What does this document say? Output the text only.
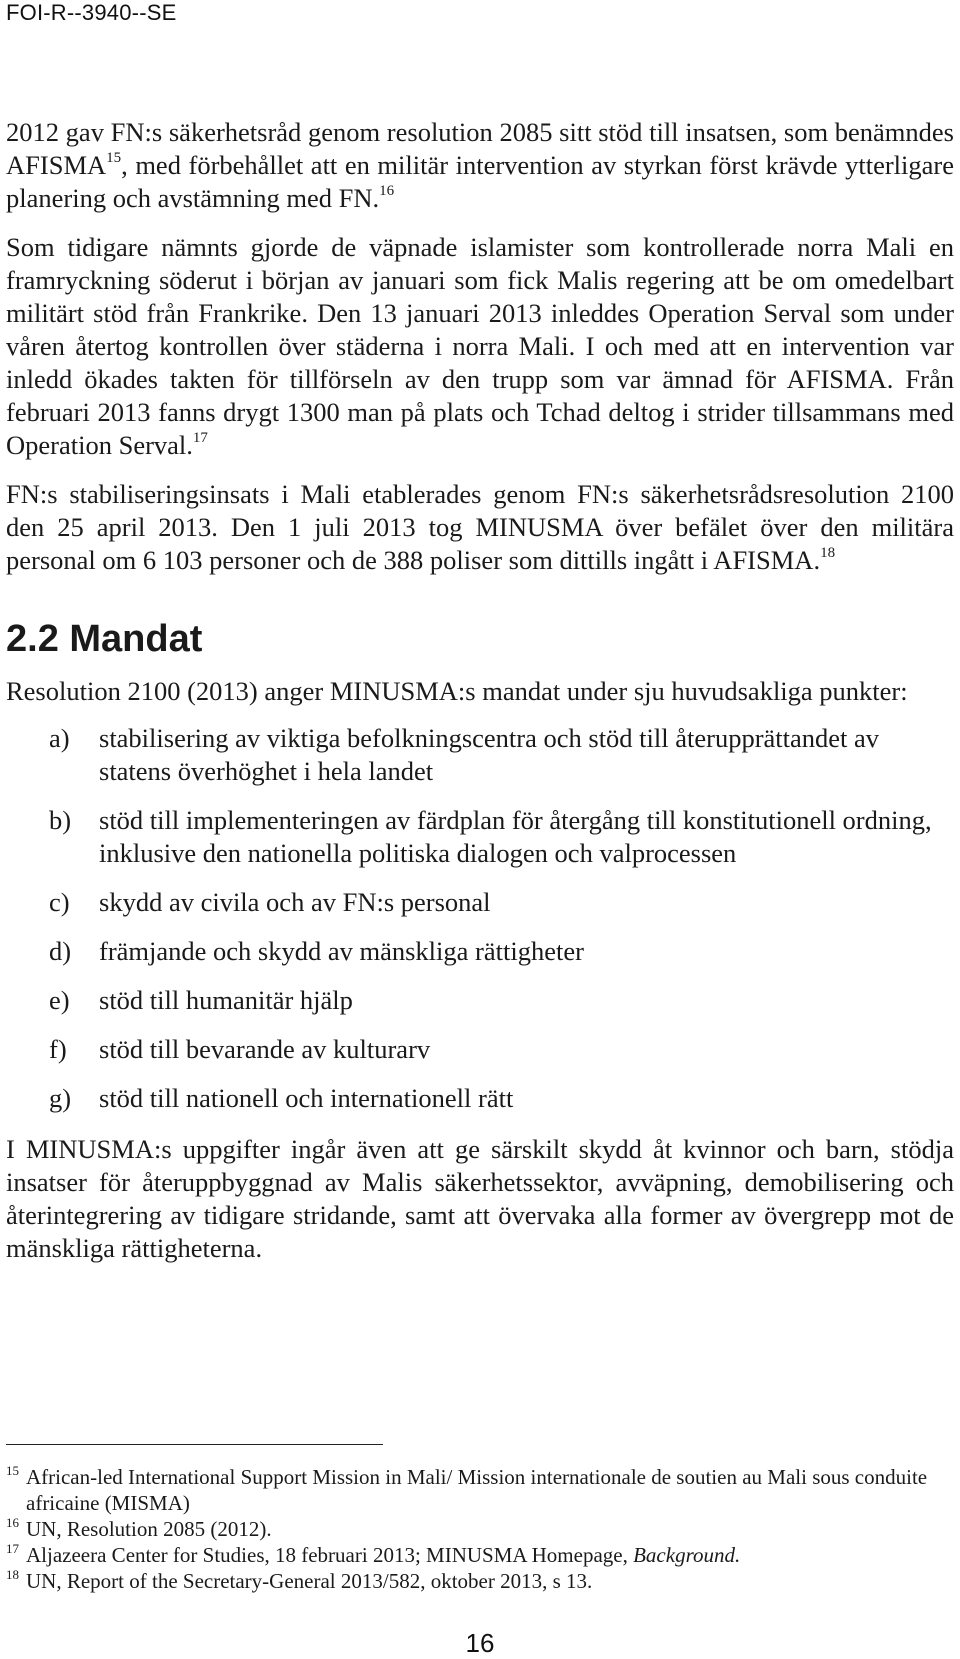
FOI-R--3940--SE

2012 gav FN:s säkerhetsråd genom resolution 2085 sitt stöd till insatsen, som benämndes AFISMA$^{15}$, med förbehållet att en militär intervention av styrkan först krävde ytterligare planering och avstämning med FN.$^{16}$

Som tidigare nämnts gjorde de väpnade islamister som kontrollerade norra Mali en framryckning söderut i början av januari som fick Malis regering att be om omedelbart militärt stöd från Frankrike. Den 13 januari 2013 inleddes Operation Serval som under våren återtog kontrollen över städerna i norra Mali. I och med att en intervention var inledd ökades takten för tillförseln av den trupp som var ämnad för AFISMA. Från februari 2013 fanns drygt 1300 man på plats och Tchad deltog i strider tillsammans med Operation Serval.$^{17}$

FN:s stabiliseringsinsats i Mali etablerades genom FN:s säkerhetsrådsresolution 2100 den 25 april 2013. Den 1 juli 2013 tog MINUSMA över befälet över den militära personal om 6 103 personer och de 388 poliser som dittills ingått i AFISMA.$^{18}$

2.2 Mandat

Resolution 2100 (2013) anger MINUSMA:s mandat under sju huvudsakliga punkter:

a)	stabilisering av viktiga befolkningscentra och stöd till återupprättandet av statens överhöghet i hela landet
b)	stöd till implementeringen av färdplan för återgång till konstitutionell ordning, inklusive den nationella politiska dialogen och valprocessen
c)	skydd av civila och av FN:s personal
d)	främjande och skydd av mänskliga rättigheter
e)	stöd till humanitär hjälp
f)	stöd till bevarande av kulturarv
g)	stöd till nationell och internationell rätt

I MINUSMA:s uppgifter ingår även att ge särskilt skydd åt kvinnor och barn, stödja insatser för återuppbyggnad av Malis säkerhetssektor, avväpning, demobilisering och återintegrering av tidigare stridande, samt att övervaka alla former av övergrepp mot de mänskliga rättigheterna.

$^{15}$ African-led International Support Mission in Mali/ Mission internationale de soutien au Mali sous conduite africaine (MISMA)

$^{16}$ UN, Resolution 2085 (2012).

$^{17}$ Aljazeera Center for Studies, 18 februari 2013; MINUSMA Homepage, Background.

$^{18}$ UN, Report of the Secretary-General 2013/582, oktober 2013, s 13.

16
